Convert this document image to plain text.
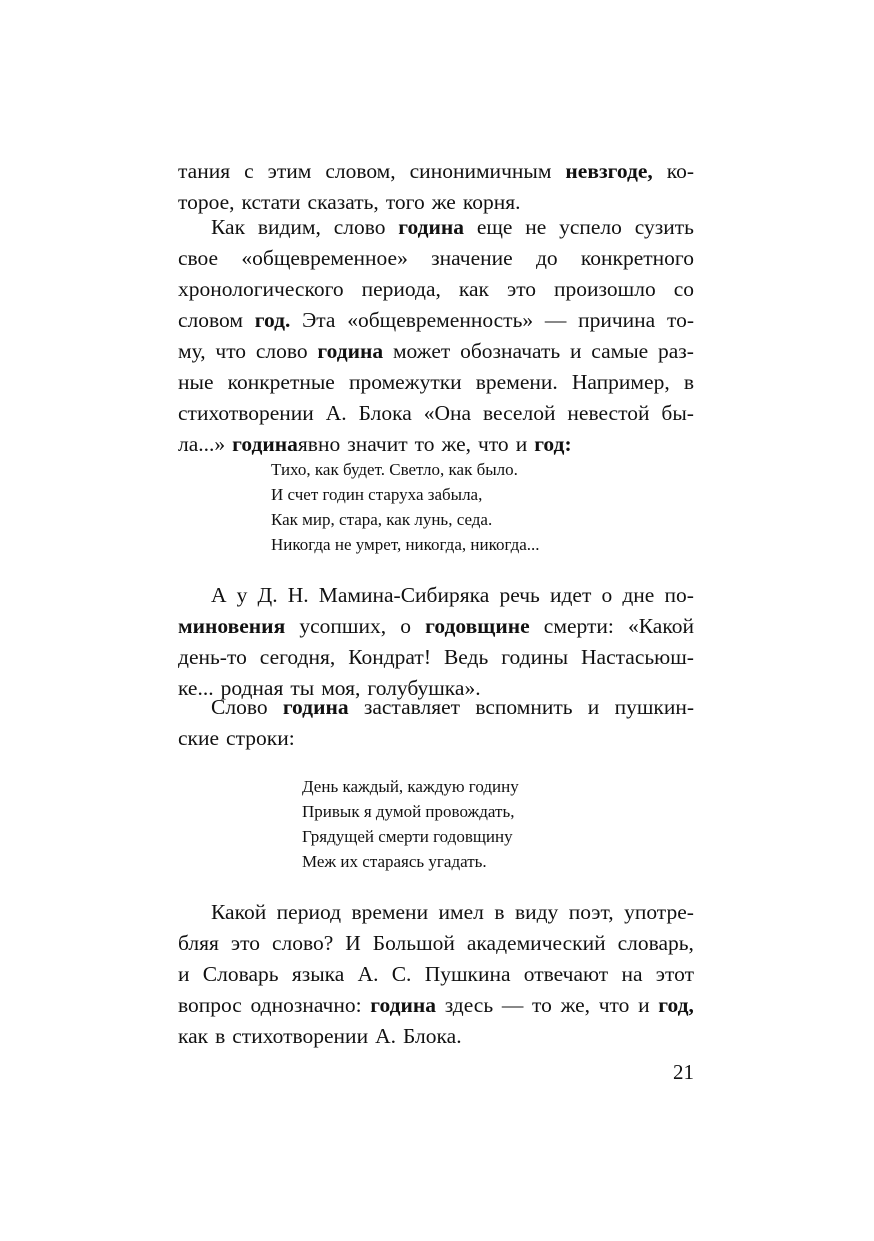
тания с этим словом, синонимичным невзгоде, ко-
торое, кстати сказать, того же корня.
Как видим, слово година еще не успело сузить
свое «общевременное» значение до конкретного
хронологического периода, как это произошло со
словом год. Эта «общевременность» — причина то-
му, что слово година может обозначать и самые раз-
ные конкретные промежутки времени. Например, в
стихотворении А. Блока «Она веселой невестой бы-
ла...» година явно значит то же, что и год:
Тихо, как будет. Светло, как было.
И счет годин старуха забыла,
Как мир, стара, как лунь, седа.
Никогда не умрет, никогда, никогда...
А у Д. Н. Мамина-Сибиряка речь идет о дне по-
миновения усопших, о годовщине смерти: «Какой
день-то сегодня, Кондрат! Ведь годины Настасьюш-
ке... родная ты моя, голубушка».
Слово година заставляет вспомнить и пушкин-
ские строки:
День каждый, каждую годину
Привык я думой провождать,
Грядущей смерти годовщину
Меж их стараясь угадать.
Какой период времени имел в виду поэт, употре-
бляя это слово? И Большой академический словарь,
и Словарь языка А. С. Пушкина отвечают на этот
вопрос однозначно: година здесь — то же, что и год,
как в стихотворении А. Блока.
21
